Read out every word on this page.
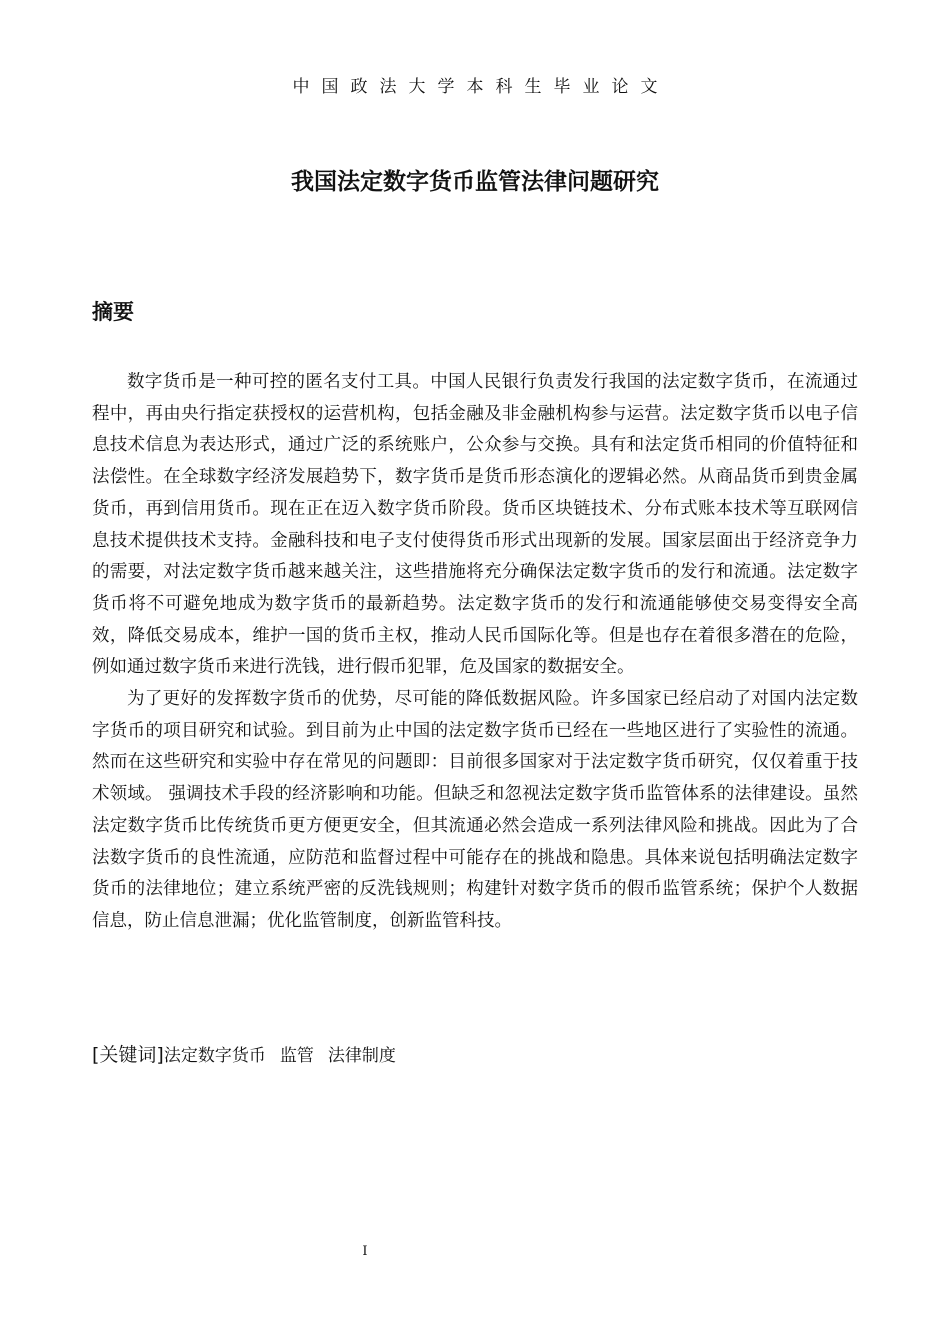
中国政法大学本科生毕业论文
我国法定数字货币监管法律问题研究
摘要

数字货币是一种可控的匿名支付工具。中国人民银行负责发行我国的法定数字货币，在流通过程中，再由央行指定获授权的运营机构，包括金融及非金融机构参与运营。法定数字货币以电子信息技术信息为表达形式，通过广泛的系统账户，公众参与交换。具有和法定货币相同的价值特征和法偿性。在全球数字经济发展趋势下，数字货币是货币形态演化的逻辑必然。从商品货币到贵金属货币，再到信用货币。现在正在迈入数字货币阶段。货币区块链技术、分布式账本技术等互联网信息技术提供技术支持。金融科技和电子支付使得货币形式出现新的发展。国家层面出于经济竞争力的需要，对法定数字货币越来越关注，这些措施将充分确保法定数字货币的发行和流通。法定数字货币将不可避免地成为数字货币的最新趋势。法定数字货币的发行和流通能够使交易变得安全高效，降低交易成本，维护一国的货币主权，推动人民币国际化等。但是也存在着很多潜在的危险，例如通过数字货币来进行洗钱，进行假币犯罪，危及国家的数据安全。

为了更好的发挥数字货币的优势，尽可能的降低数据风险。许多国家已经启动了对国内法定数字货币的项目研究和试验。到目前为止中国的法定数字货币已经在一些地区进行了实验性的流通。然而在这些研究和实验中存在常见的问题即：目前很多国家对于法定数字货币研究，仅仅着重于技术领域。 强调技术手段的经济影响和功能。但缺乏和忽视法定数字货币监管体系的法律建设。虽然法定数字货币比传统货币更方便更安全，但其流通必然会造成一系列法律风险和挑战。因此为了合法数字货币的良性流通，应防范和监督过程中可能存在的挑战和隐患。具体来说包括明确法定数字货币的法律地位；建立系统严密的反洗钱规则；构建针对数字货币的假币监管系统；保护个人数据信息，防止信息泄漏；优化监管制度，创新监管科技。

[关键词]法定数字货币 监管 法律制度
I
